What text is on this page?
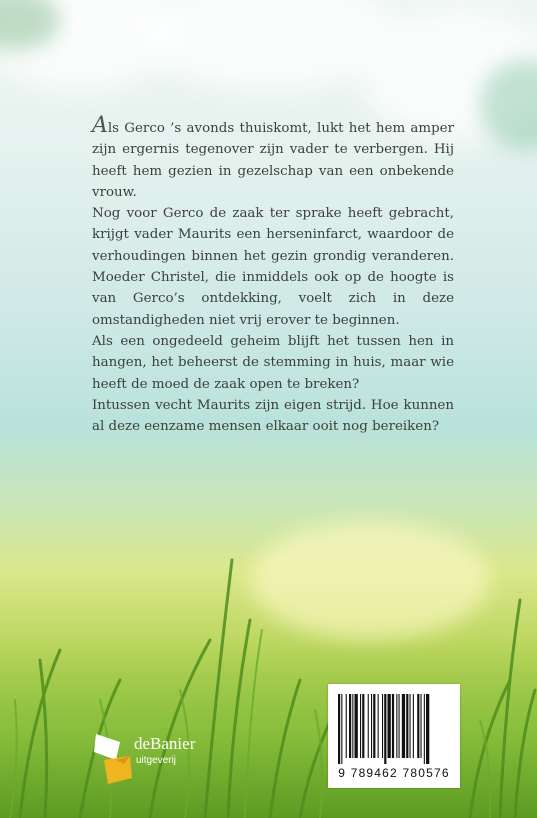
Als Gerco ’s avonds thuiskomt, lukt het hem amper zijn ergernis tegenover zijn vader te verbergen. Hij heeft hem gezien in gezelschap van een onbekende vrouw.

Nog voor Gerco de zaak ter sprake heeft gebracht, krijgt vader Maurits een herseninfarct, waardoor de verhoudingen binnen het gezin grondig veranderen. Moeder Christel, die inmiddels ook op de hoogte is van Gerco’s ontdekking, voelt zich in deze omstandigheden niet vrij erover te beginnen.

Als een ongedeeld geheim blijft het tussen hen in hangen, het beheerst de stemming in huis, maar wie heeft de moed de zaak open te breken?

Intussen vecht Maurits zijn eigen strijd. Hoe kunnen al deze eenzame mensen elkaar ooit nog bereiken?

deBanier
uitgeverij
9 789462 780576
